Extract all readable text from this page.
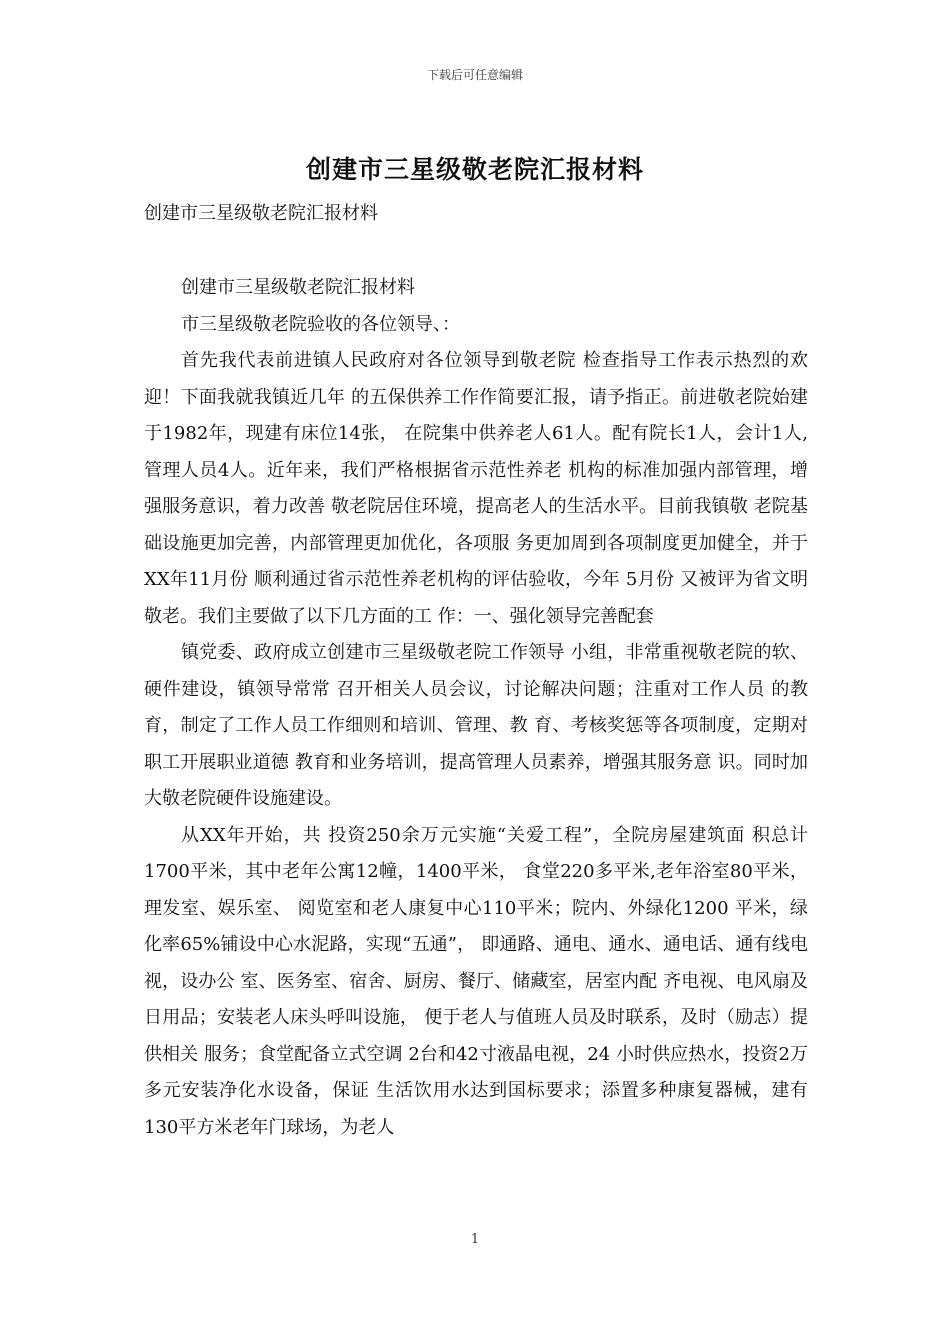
下载后可任意编辑
创建市三星级敬老院汇报材料
创建市三星级敬老院汇报材料

创建市三星级敬老院汇报材料

市三星级敬老院验收的各位领导、：

首先我代表前进镇人民政府对各位领导到敬老院 检查指导工作表示热烈的欢迎！下面我就我镇近几年 的五保供养工作作简要汇报，请予指正。前进敬老院始建于1982年，现建有床位14张， 在院集中供养老人61人。配有院长1人，会计1人, 管理人员4人。近年来，我们严格根据省示范性养老 机构的标准加强内部管理，增强服务意识，着力改善 敬老院居住环境，提高老人的生活水平。目前我镇敬 老院基础设施更加完善，内部管理更加优化，各项服 务更加周到各项制度更加健全，并于 XX年11月份 顺利通过省示范性养老机构的评估验收，今年 5月份 又被评为省文明敬老。我们主要做了以下几方面的工 作：一、强化领导完善配套

镇党委、政府成立创建市三星级敬老院工作领导 小组，非常重视敬老院的软、硬件建设，镇领导常常 召开相关人员会议，讨论解决问题；注重对工作人员 的教育，制定了工作人员工作细则和培训、管理、教 育、考核奖惩等各项制度，定期对职工开展职业道德 教育和业务培训，提高管理人员素养，增强其服务意 识。同时加大敬老院硬件设施建设。

从XX年开始，共 投资250余万元实施“关爱工程”，全院房屋建筑面 积总计1700平米，其中老年公寓12幢，1400平米， 食堂220多平米,老年浴室80平米，理发室、娱乐室、 阅览室和老人康复中心110平米；院内、外绿化1200 平米，绿化率65%铺设中心水泥路，实现“五通”， 即通路、通电、通水、通电话、通有线电视，设办公 室、医务室、宿舍、厨房、餐厅、储藏室，居室内配 齐电视、电风扇及日用品；安装老人床头呼叫设施， 便于老人与值班人员及时联系，及时（励志）提供相关 服务；食堂配备立式空调 2台和42寸液晶电视，24 小时供应热水，投资2万多元安装净化水设备，保证 生活饮用水达到国标要求；添置多种康复器械，建有 130平方米老年门球场，为老人

1
